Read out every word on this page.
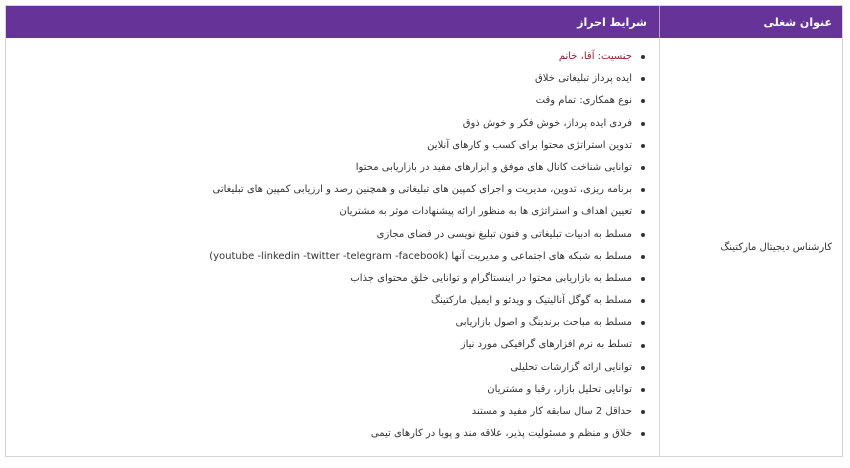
عنوان شغلی
شرایط احراز
کارشناس دیجیتال مارکتینگ
جنسیت: آقا، خانم
ایده پرداز تبلیغاتی خلاق
نوع همکاری: تمام وقت
فردی ایده پرداز، خوش فکر و خوش ذوق
تدوین استراتژی محتوا برای کسب و کارهای آنلاین
توانایی شناخت کانال های موفق و ابزارهای مفید در بازاریابی محتوا
برنامه ریزی، تدوین، مدیریت و اجرای کمپین های تبلیغاتی و همچنین رصد و ارزیابی کمپین های تبلیغاتی
تعیین اهداف و استراتژی ها به منظور ارائه پیشنهادات موثر به مشتریان
مسلط به ادبیات تبلیغاتی و فنون تبلیغ نویسی در فضای مجازی
مسلط به شبکه های اجتماعی و مدیریت آنها (youtube -linkedin -twitter -telegram -facebook)
مسلط به بازاریابی محتوا در اینستاگرام و توانایی خلق محتوای جذاب
مسلط به گوگل آنالیتیک و ویدئو و ایمیل مارکتینگ
مسلط به مباحث برندینگ و اصول بازاریابی
تسلط به نرم افزارهای گرافیکی مورد نیاز
توانایی ارائه گزارشات تحلیلی
توانایی تحلیل بازار، رقبا و مشتریان
حداقل 2 سال سابقه کار مفید و مستند
خلاق و منظم و مسئولیت پذیر، علاقه مند و پویا در کارهای تیمی
